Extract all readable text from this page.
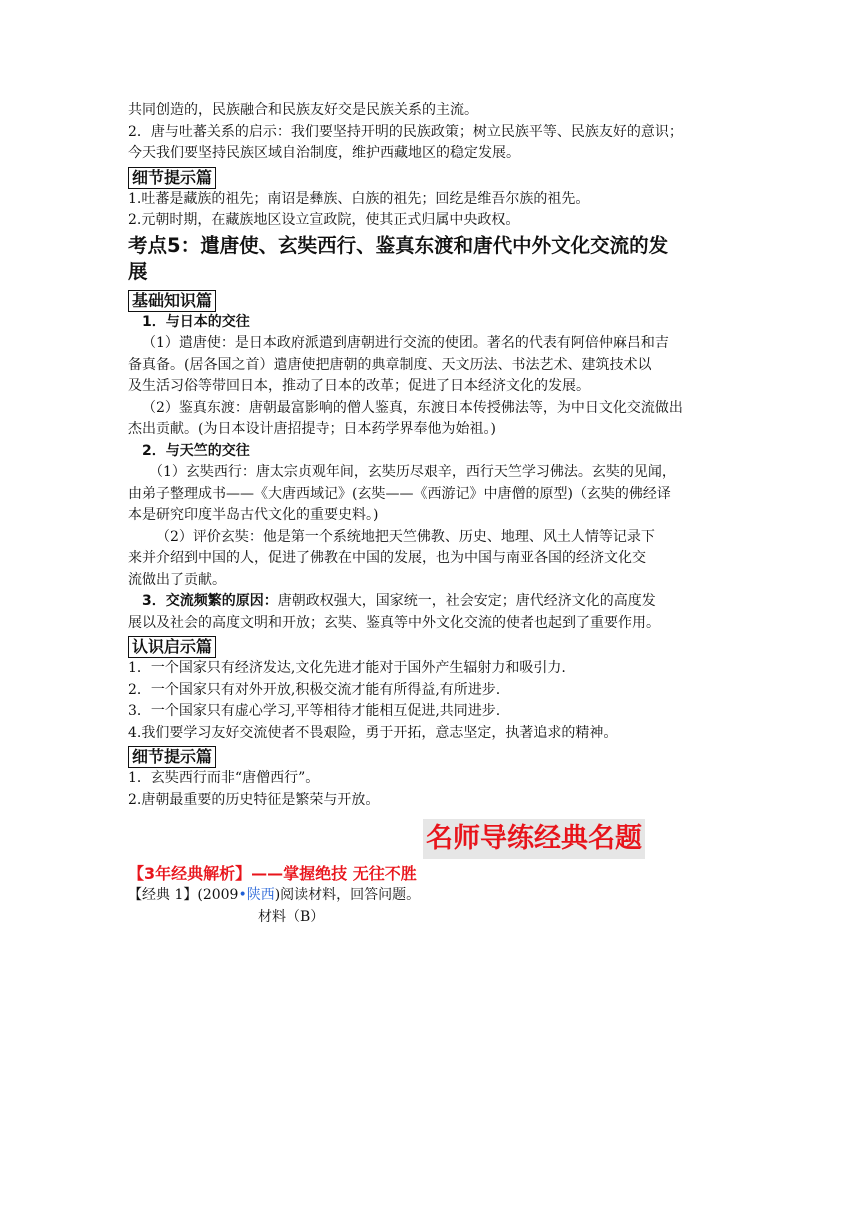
共同创造的，民族融合和民族友好交是民族关系的主流。

2．唐与吐蕃关系的启示：我们要坚持开明的民族政策；树立民族平等、民族友好的意识；

今天我们要坚持民族区域自治制度，维护西藏地区的稳定发展。

细节提示篇

1.吐蕃是藏族的祖先；南诏是彝族、白族的祖先；回纥是维吾尔族的祖先。

2.元朝时期，在藏族地区设立宣政院，使其正式归属中央政权。

考点5：遣唐使、玄奘西行、鉴真东渡和唐代中外文化交流的发
展
基础知识篇

1．与日本的交往

（1）遣唐使：是日本政府派遣到唐朝进行交流的使团。著名的代表有阿倍仲麻吕和吉

备真备。(居各国之首）遣唐使把唐朝的典章制度、天文历法、书法艺术、建筑技术以

及生活习俗等带回日本，推动了日本的改革；促进了日本经济文化的发展。

（2）鉴真东渡：唐朝最富影响的僧人鉴真，东渡日本传授佛法等，为中日文化交流做出

杰出贡献。(为日本设计唐招提寺；日本药学界奉他为始祖。)

2．与天竺的交往

（1）玄奘西行：唐太宗贞观年间，玄奘历尽艰辛，西行天竺学习佛法。玄奘的见闻，

由弟子整理成书——《大唐西域记》(玄奘——《西游记》中唐僧的原型)（玄奘的佛经译

本是研究印度半岛古代文化的重要史料。)

（2）评价玄奘：他是第一个系统地把天竺佛教、历史、地理、风土人情等记录下

来并介绍到中国的人，促进了佛教在中国的发展，也为中国与南亚各国的经济文化交

流做出了贡献。

3．交流频繁的原因：唐朝政权强大，国家统一，社会安定；唐代经济文化的高度发

展以及社会的高度文明和开放；玄奘、鉴真等中外文化交流的使者也起到了重要作用。

认识启示篇

1．一个国家只有经济发达,文化先进才能对于国外产生辐射力和吸引力.

2．一个国家只有对外开放,积极交流才能有所得益,有所进步.

3．一个国家只有虚心学习,平等相待才能相互促进,共同进步.

4.我们要学习友好交流使者不畏艰险，勇于开拓，意志坚定，执著追求的精神。

细节提示篇

1．玄奘西行而非“唐僧西行”。

2.唐朝最重要的历史特征是繁荣与开放。

名师导练经典名题

【3年经典解析】——掌握绝技 无往不胜

【经典 1】(2009•陕西)阅读材料，回答问题。

材料（B）
